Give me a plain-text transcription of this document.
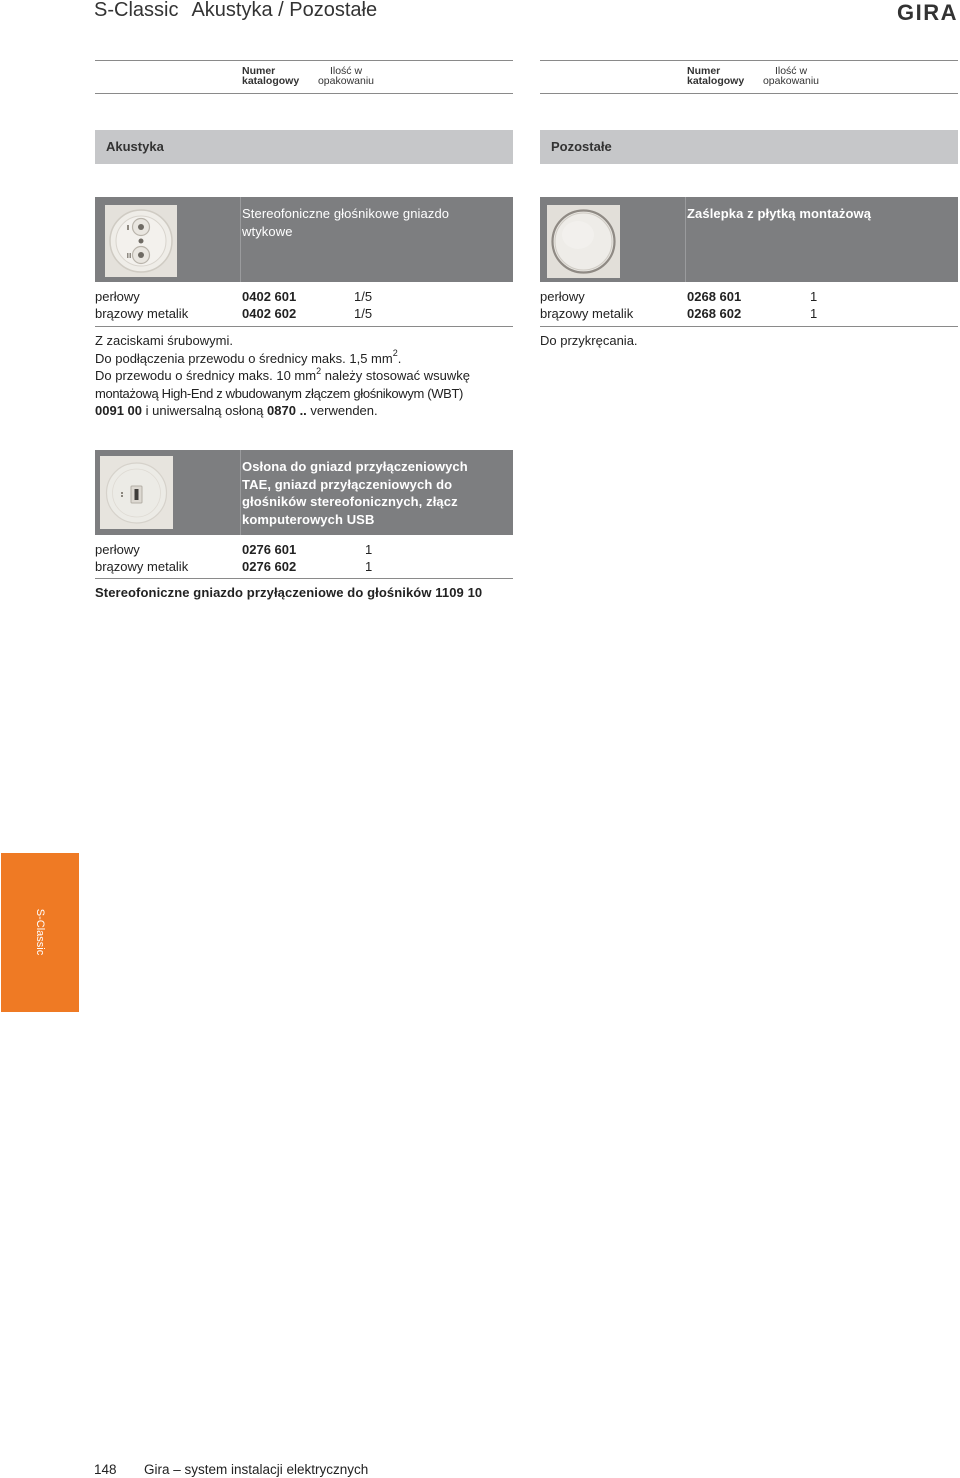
S-Classic Akustyka / Pozostałe	GIRA
Numer
katalogowy
Ilość w
opakowaniu
Numer
katalogowy
Ilość w
opakowaniu
Akustyka	Pozostałe
Stereofoniczne głośnikowe gniazdo
wtykowe
perłowy	0402 601	1/5
brązowy metalik	0402 602	1/5
Z zaciskami śrubowymi.
Do podłączenia przewodu o średnicy maks. 1,5 $mm^2$.
Do przewodu o średnicy maks. 10 $mm^2$ należy stosować wsuwkę
montażową High-End z wbudowanym złączem głośnikowym (WBT)
0091 00 i uniwersalną osłoną 0870 .. verwenden.
Zaślepka z płytką montażową
perłowy	0268 601	1
brązowy metalik	0268 602	1
Do przykręcania.
Osłona do gniazd przyłączeniowych
TAE, gniazd przyłączeniowych do
głośników stereofonicznych, złącz
komputerowych USB
perłowy	0276 601	1
brązowy metalik	0276 602	1
Stereofoniczne gniazdo przyłączeniowe do głośników 1109 10
S-Classic
148 Gira – system instalacji elektrycznych
